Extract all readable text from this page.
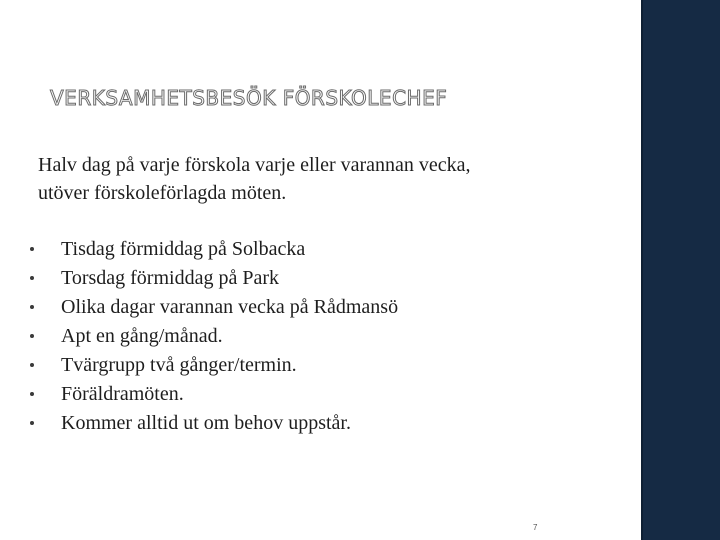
VERKSAMHETSBESÖK FÖRSKOLECHEF
Halv dag på varje förskola varje eller varannan vecka,
utöver förskoleförlagda möten.
Tisdag förmiddag på Solbacka
Torsdag förmiddag på Park
Olika dagar varannan vecka på Rådmansö
Apt en gång/månad.
Tvärgrupp två gånger/termin.
Föräldramöten.
Kommer alltid ut om behov uppstår.
7
